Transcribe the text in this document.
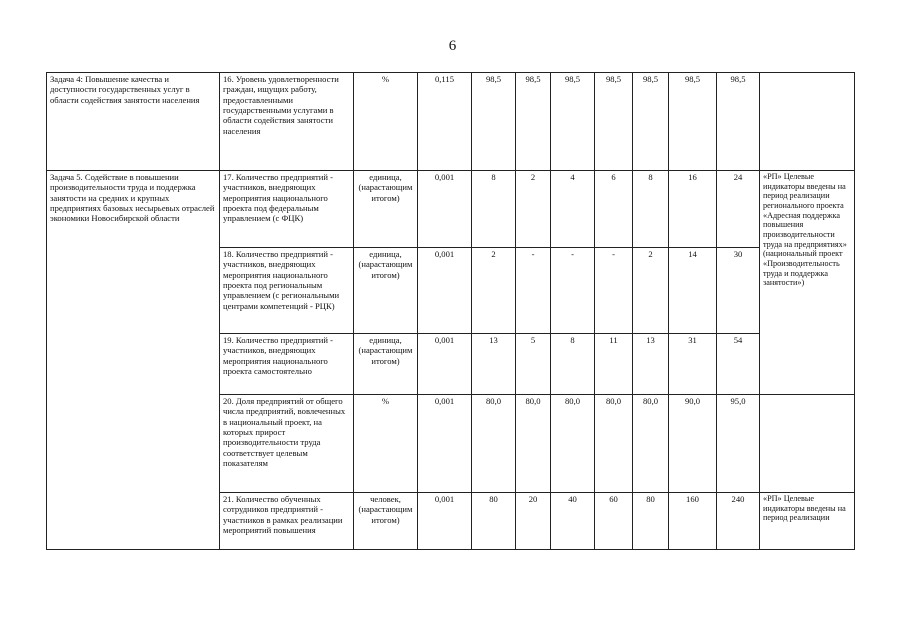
6
Задача 4: Повышение качества и доступности государственных услуг в области содействия занятости населения	16. Уровень удовлетворенности граждан, ищущих работу, предоставленными государственными услугами в области содействия занятости населения	%	0,115	98,5	98,5	98,5	98,5	98,5	98,5	98,5	
Задача 5. Содействие в повышении производительности труда и поддержка занятости на средних и крупных предприятиях базовых несырьевых отраслей экономики Новосибирской области	17. Количество предприятий - участников, внедряющих мероприятия национального проекта под федеральным управлением (с ФЦК)	единица, (нарастающим итогом)	0,001	8	2	4	6	8	16	24	«РП» Целевые индикаторы введены на период реализации регионального проекта «Адресная поддержка повышения производительности труда на предприятиях» (национальный проект «Производительность труда и поддержка занятости»)
	18. Количество предприятий - участников, внедряющих мероприятия национального проекта под региональным управлением (с региональными центрами компетенций - РЦК)	единица, (нарастающим итогом)	0,001	2	-	-	-	2	14	30	
	19. Количество предприятий - участников, внедряющих мероприятия национального проекта самостоятельно	единица, (нарастающим итогом)	0,001	13	5	8	11	13	31	54	
	20. Доля предприятий от общего числа предприятий, вовлеченных в национальный проект, на которых прирост производительности труда соответствует целевым показателям	%	0,001	80,0	80,0	80,0	80,0	80,0	90,0	95,0	
	21. Количество обученных сотрудников предприятий - участников в рамках реализации мероприятий повышения	человек, (нарастающим итогом)	0,001	80	20	40	60	80	160	240	«РП» Целевые индикаторы введены на период реализации
